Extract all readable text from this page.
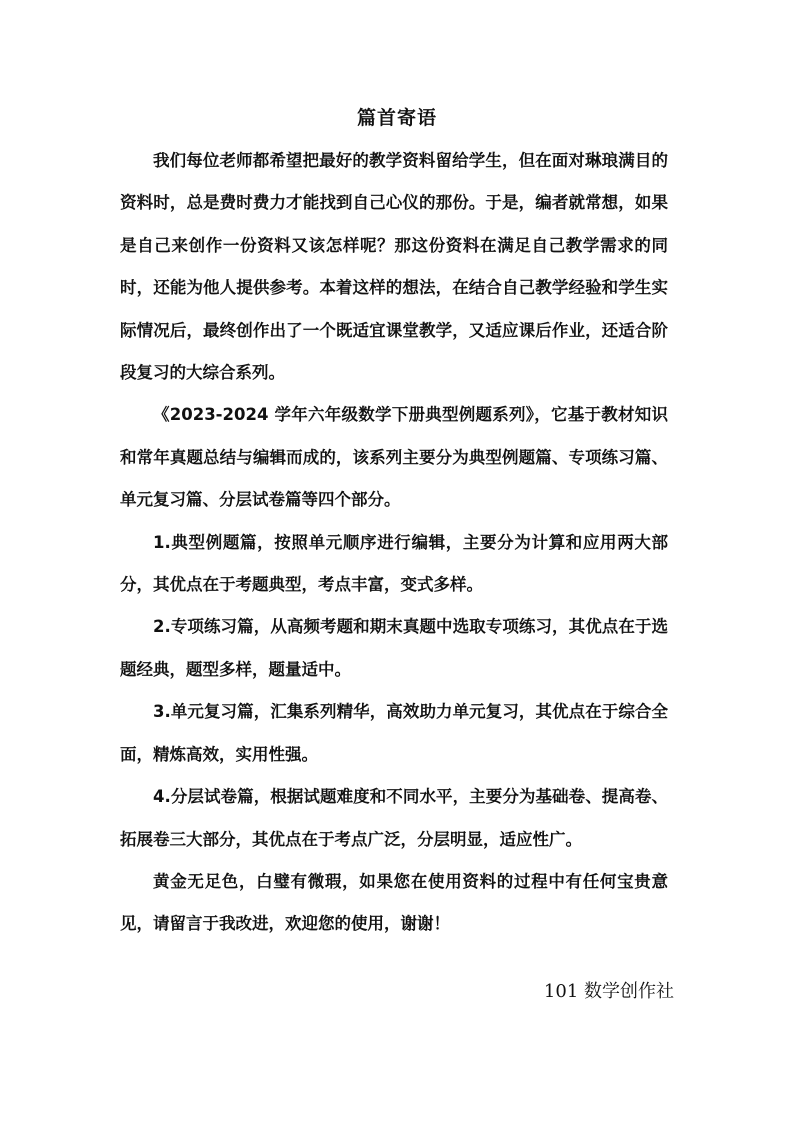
篇首寄语

我们每位老师都希望把最好的教学资料留给学生，但在面对琳琅满目的资料时，总是费时费力才能找到自己心仪的那份。于是，编者就常想，如果是自己来创作一份资料又该怎样呢？那这份资料在满足自己教学需求的同时，还能为他人提供参考。本着这样的想法，在结合自己教学经验和学生实际情况后，最终创作出了一个既适宜课堂教学，又适应课后作业，还适合阶段复习的大综合系列。

《2023-2024 学年六年级数学下册典型例题系列》，它基于教材知识和常年真题总结与编辑而成的，该系列主要分为典型例题篇、专项练习篇、单元复习篇、分层试卷篇等四个部分。

1.典型例题篇，按照单元顺序进行编辑，主要分为计算和应用两大部分，其优点在于考题典型，考点丰富，变式多样。

2.专项练习篇，从高频考题和期末真题中选取专项练习，其优点在于选题经典，题型多样，题量适中。

3.单元复习篇，汇集系列精华，高效助力单元复习，其优点在于综合全面，精炼高效，实用性强。

4.分层试卷篇，根据试题难度和不同水平，主要分为基础卷、提高卷、拓展卷三大部分，其优点在于考点广泛，分层明显，适应性广。

黄金无足色，白璧有微瑕，如果您在使用资料的过程中有任何宝贵意见，请留言于我改进，欢迎您的使用，谢谢！

101 数学创作社
